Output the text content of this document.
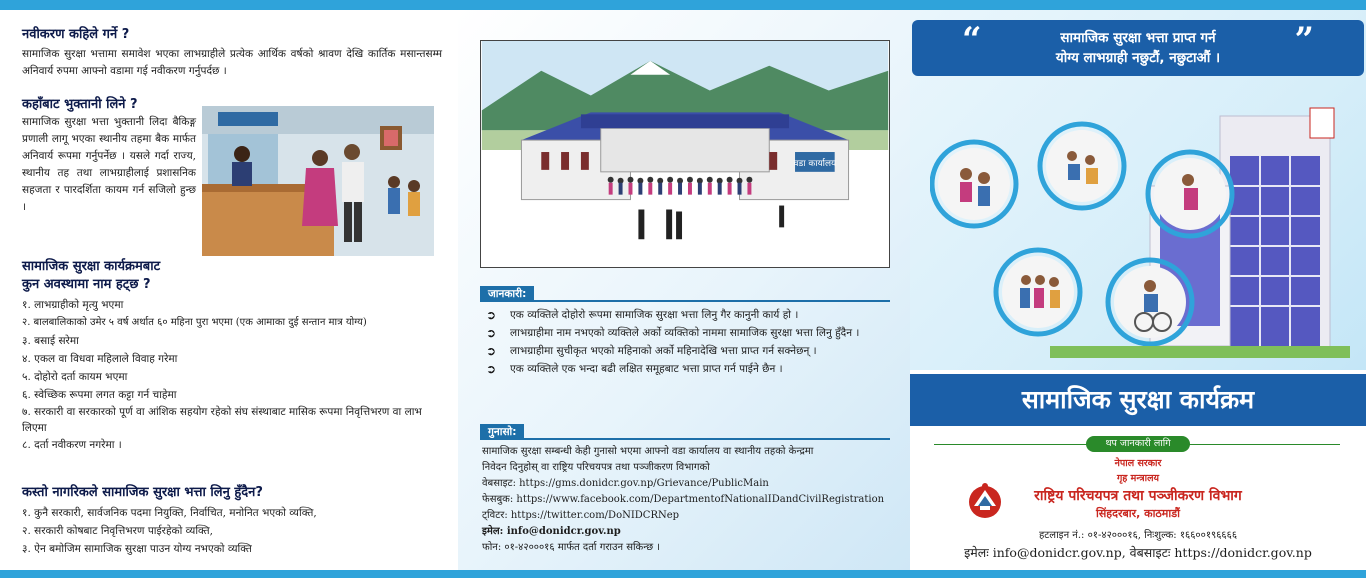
नवीकरण कहिले गर्ने ?
सामाजिक सुरक्षा भत्तामा समावेश भएका लाभग्राहीले प्रत्येक आर्थिक वर्षको श्रावण देखि कार्तिक मसान्तसम्म अनिवार्य रुपमा आफ्नो वडामा गई नवीकरण गर्नुपर्दछ ।
कहाँबाट भुक्तानी लिने ?
सामाजिक सुरक्षा भत्ता भुक्तानी लिदा बैकिङ्ग प्रणाली लागू भएका स्थानीय तहमा बैक मार्फत अनिवार्य रूपमा गर्नुपर्नेछ । यसले गर्दा राज्य, स्थानीय तह तथा लाभग्राहीलाई प्रशासनिक सहजता र पारदर्शिता कायम गर्न सजिलो हुन्छ ।
सामाजिक सुरक्षा कार्यक्रमबाट
कुन अवस्थामा नाम हट्छ ?
१. लाभग्राहीको मृत्यु भएमा
२. बालबालिकाको उमेर ५ वर्ष अर्थात ६० महिना पुरा भएमा (एक आमाका दुई सन्तान मात्र योग्य)
३. बसाई सरेमा
४. एकल वा विधवा महिलाले विवाह गरेमा
५. दोहोरो दर्ता कायम भएमा
६. स्वेच्छिक रूपमा लगत कट्टा गर्न चाहेमा
७. सरकारी वा सरकारको पूर्ण वा आंशिक सहयोग रहेको संघ संस्थाबाट मासिक रूपमा निवृत्तिभरण वा लाभ लिएमा
८. दर्ता नवीकरण नगरेमा ।
कस्तो नागरिकले सामाजिक सुरक्षा भत्ता लिनु हुँदैन?
१. कुनै सरकारी, सार्वजनिक पदमा नियुक्ति, निर्वाचित, मनोनित भएको व्यक्ति,
२. सरकारी कोषबाट निवृत्तिभरण पाईरहेको व्यक्ति,
३. ऐन बमोजिम सामाजिक सुरक्षा पाउन योग्य नभएको व्यक्ति
वडा कार्यालय
जानकारी:
➲ एक व्यक्तिले दोहोरो रूपमा सामाजिक सुरक्षा भत्ता लिनु गैर कानुनी कार्य हो ।
➲ लाभग्राहीमा नाम नभएको व्यक्तिले अर्को व्यक्तिको नाममा सामाजिक सुरक्षा भत्ता लिनु हुँदैन ।
➲ लाभग्राहीमा सुचीकृत भएको महिनाको अर्को महिनादेखि भत्ता प्राप्त गर्न सक्नेछन् ।
➲ एक व्यक्तिले एक भन्दा बढी लक्षित समूहबाट भत्ता प्राप्त गर्न पाईने छैन ।
गुनासो:
सामाजिक सुरक्षा सम्बन्धी केही गुनासो भएमा आफ्नो वडा कार्यालय वा स्थानीय तहको केन्द्रमा
निवेदन दिनुहोस् वा राष्ट्रिय परिचयपत्र तथा पञ्जीकरण विभागको
वेबसाइट: https://gms.donidcr.gov.np/Grievance/PublicMain
फेसबुक: https://www.facebook.com/DepartmentofNationalIDandCivilRegistration
ट्विटर: https://twitter.com/DoNIDCRNep
इमेल: info@donidcr.gov.np
फोन: ०१-४२०००१६ मार्फत दर्ता गराउन सकिन्छ ।
“	सामाजिक सुरक्षा भत्ता प्राप्त गर्न
योग्य लाभग्राही नछुटौं, नछुटाऔं ।	”
सामाजिक सुरक्षा कार्यक्रम
थप जानकारी लागि
नेपाल सरकार
गृह मन्त्रालय
राष्ट्रिय परिचयपत्र तथा पञ्जीकरण विभाग
सिंहदरबार, काठमाडौं
हटलाइन नं.: ०१-४२०००१६, निःशुल्क: १६६००१९६६६६
इमेलः info@donidcr.gov.np, वेबसाइटः https://donidcr.gov.np
